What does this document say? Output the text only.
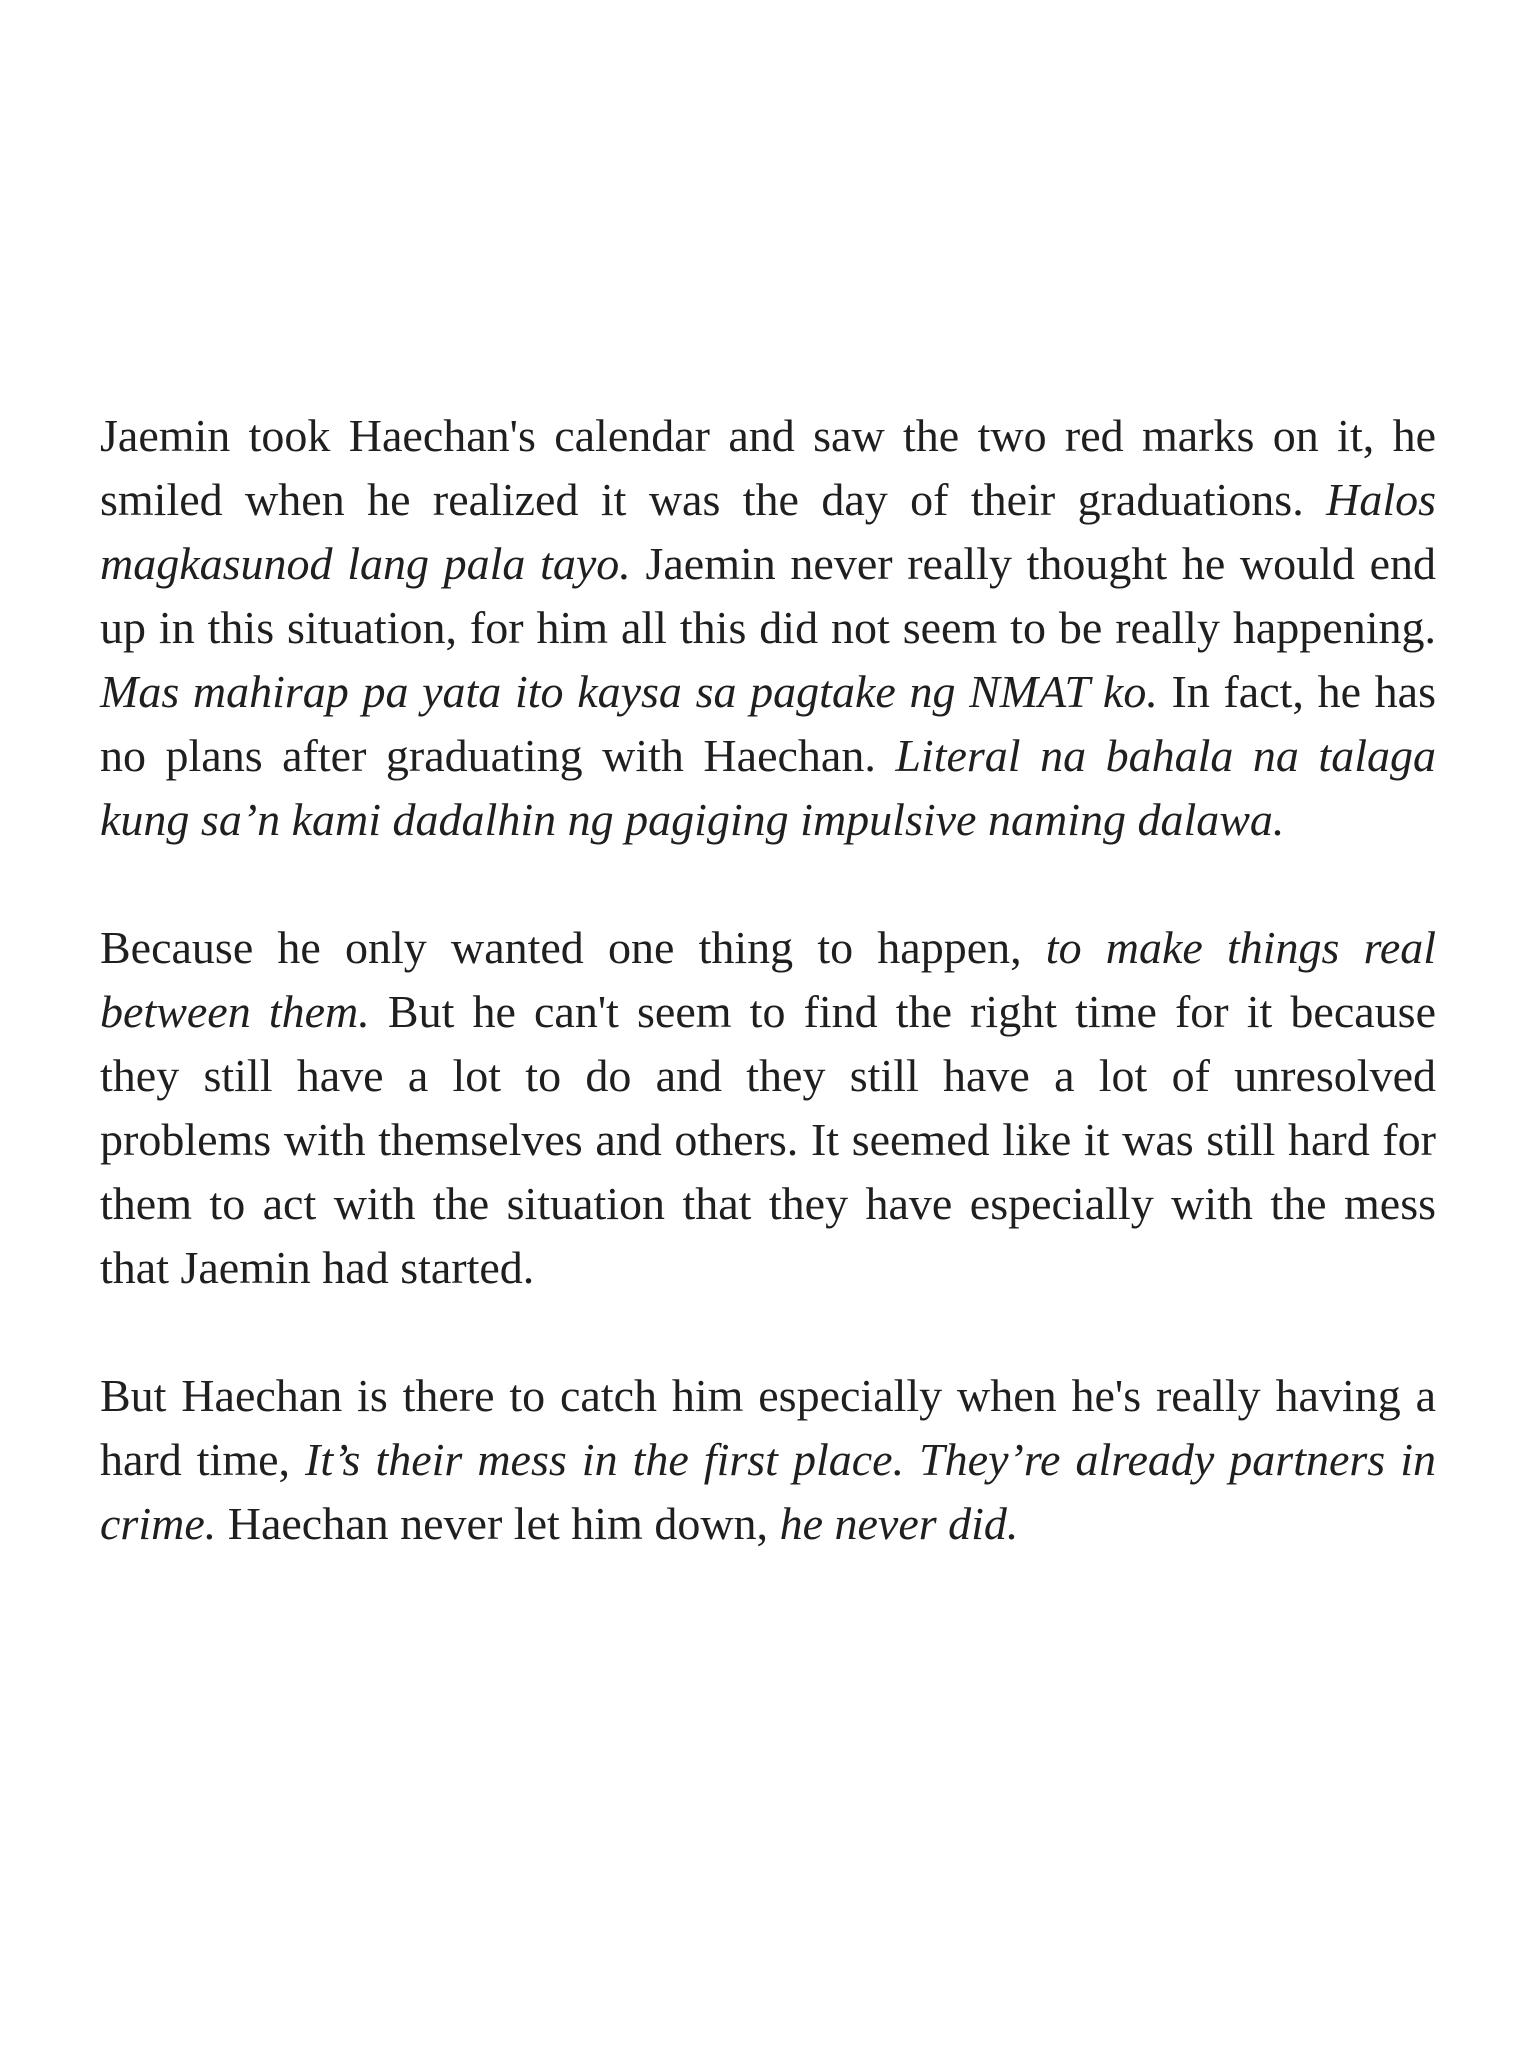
Jaemin took Haechan's calendar and saw the two red marks on it, he smiled when he realized it was the day of their graduations. Halos magkasunod lang pala tayo. Jaemin never really thought he would end up in this situation, for him all this did not seem to be really happening. Mas mahirap pa yata ito kaysa sa pagtake ng NMAT ko. In fact, he has no plans after graduating with Haechan. Literal na bahala na talaga kung sa’n kami dadalhin ng pagiging impulsive naming dalawa.

Because he only wanted one thing to happen, to make things real between them. But he can't seem to find the right time for it because they still have a lot to do and they still have a lot of unresolved problems with themselves and others. It seemed like it was still hard for them to act with the situation that they have especially with the mess that Jaemin had started.

But Haechan is there to catch him especially when he's really having a hard time, It’s their mess in the first place. They’re already partners in crime. Haechan never let him down, he never did.
